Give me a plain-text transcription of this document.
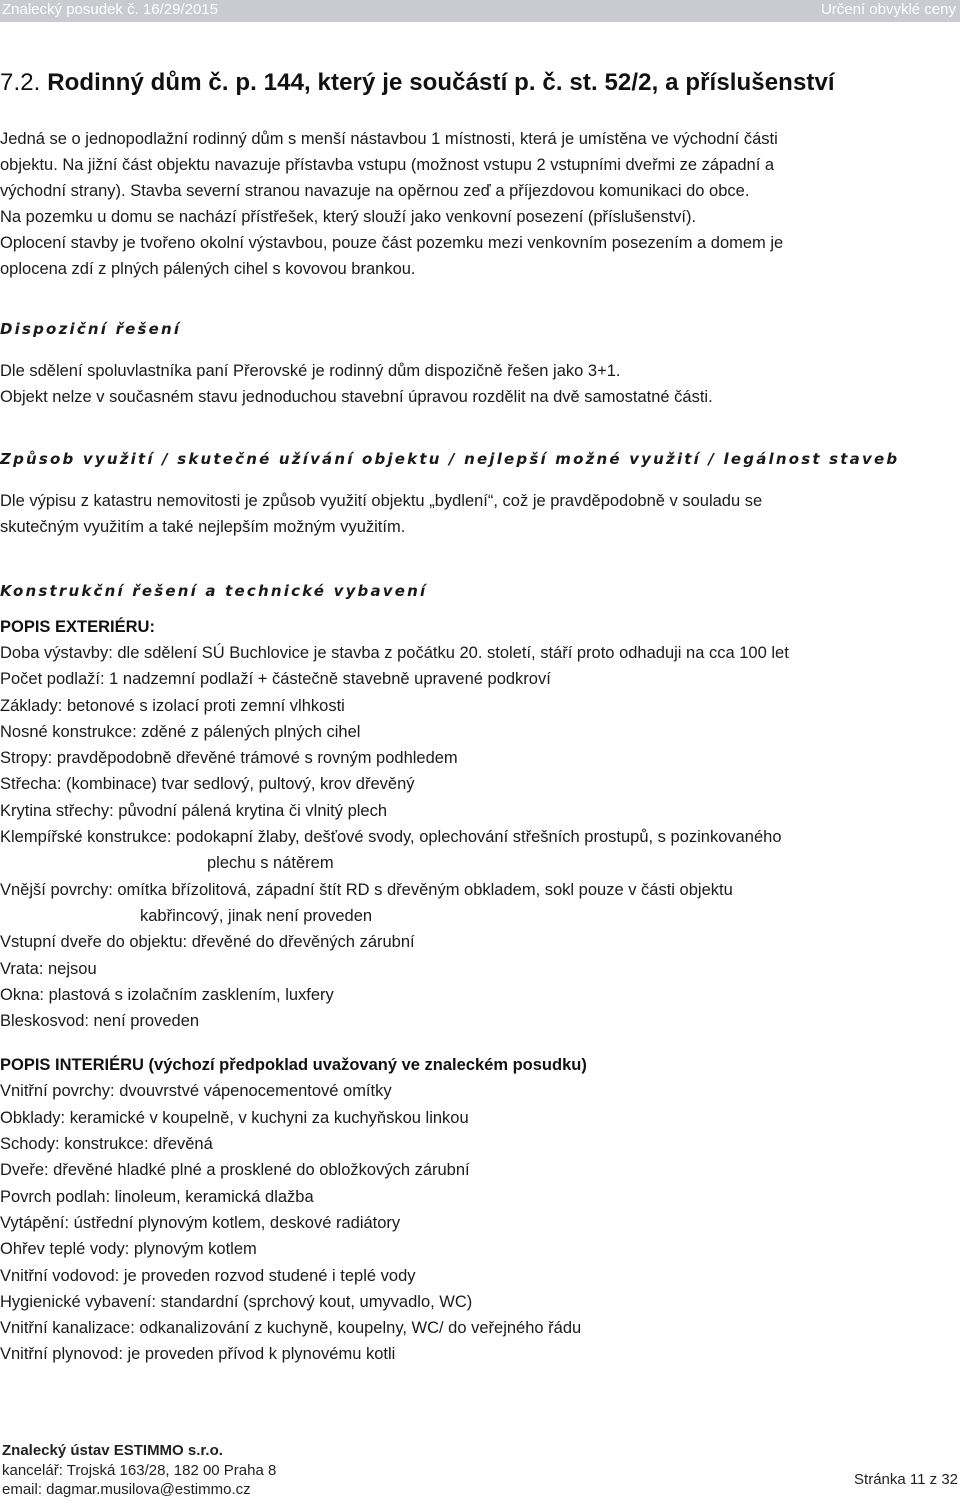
Znalecký posudek č. 16/29/2015	Určení obvyklé ceny
7.2. Rodinný dům č. p. 144, který je součástí p. č. st. 52/2, a příslušenství

Jedná se o jednopodlažní rodinný dům s menší nástavbou 1 místnosti, která je umístěna ve východní části

objektu. Na jižní část objektu navazuje přístavba vstupu (možnost vstupu 2 vstupními dveřmi ze západní a

východní strany). Stavba severní stranou navazuje na opěrnou zeď a příjezdovou komunikaci do obce.

Na pozemku u domu se nachází přístřešek, který slouží jako venkovní posezení (příslušenství).

Oplocení stavby je tvořeno okolní výstavbou, pouze část pozemku mezi venkovním posezením a domem je

oplocena zdí z plných pálených cihel s kovovou brankou.

Dispoziční řešení

Dle sdělení spoluvlastníka paní Přerovské je rodinný dům dispozičně řešen jako 3+1.

Objekt nelze v současném stavu jednoduchou stavební úpravou rozdělit na dvě samostatné části.

Způsob využití / skutečné užívání objektu / nejlepší možné využití / legálnost staveb

Dle výpisu z katastru nemovitosti je způsob využití objektu „bydlení“, což je pravděpodobně v souladu se

skutečným využitím a také nejlepším možným využitím.

Konstrukční řešení a technické vybavení

POPIS EXTERIÉRU:

Doba výstavby: dle sdělení SÚ Buchlovice je stavba z počátku 20. století, stáří proto odhaduji na cca 100 let
Počet podlaží: 1 nadzemní podlaží + částečně stavebně upravené podkroví
Základy: betonové s izolací proti zemní vlhkosti
Nosné konstrukce: zděné z pálených plných cihel
Stropy: pravděpodobně dřevěné trámové s rovným podhledem
Střecha: (kombinace) tvar sedlový, pultový, krov dřevěný
Krytina střechy: původní pálená krytina či vlnitý plech
Klempířské konstrukce: podokapní žlaby, dešťové svody, oplechování střešních prostupů, s pozinkovaného
plechu s nátěrem
Vnější povrchy: omítka břízolitová, západní štít RD s dřevěným obkladem, sokl pouze v části objektu
kabřincový, jinak není proveden
Vstupní dveře do objektu: dřevěné do dřevěných zárubní
Vrata: nejsou
Okna: plastová s izolačním zasklením, luxfery
Bleskosvod: není proveden

POPIS INTERIÉRU (výchozí předpoklad uvažovaný ve znaleckém posudku)

Vnitřní povrchy: dvouvrstvé vápenocementové omítky
Obklady: keramické v koupelně, v kuchyni za kuchyňskou linkou
Schody: konstrukce: dřevěná
Dveře: dřevěné hladké plné a prosklené do obložkových zárubní
Povrch podlah: linoleum, keramická dlažba
Vytápění: ústřední plynovým kotlem, deskové radiátory
Ohřev teplé vody: plynovým kotlem
Vnitřní vodovod: je proveden rozvod studené i teplé vody
Hygienické vybavení: standardní (sprchový kout, umyvadlo, WC)
Vnitřní kanalizace: odkanalizování z kuchyně, koupelny, WC/ do veřejného řádu
Vnitřní plynovod: je proveden přívod k plynovému kotli
Znalecký ústav ESTIMMO s.r.o.
kancelář: Trojská 163/28, 182 00 Praha 8
email: dagmar.musilova@estimmo.cz
Stránka 11 z 32
